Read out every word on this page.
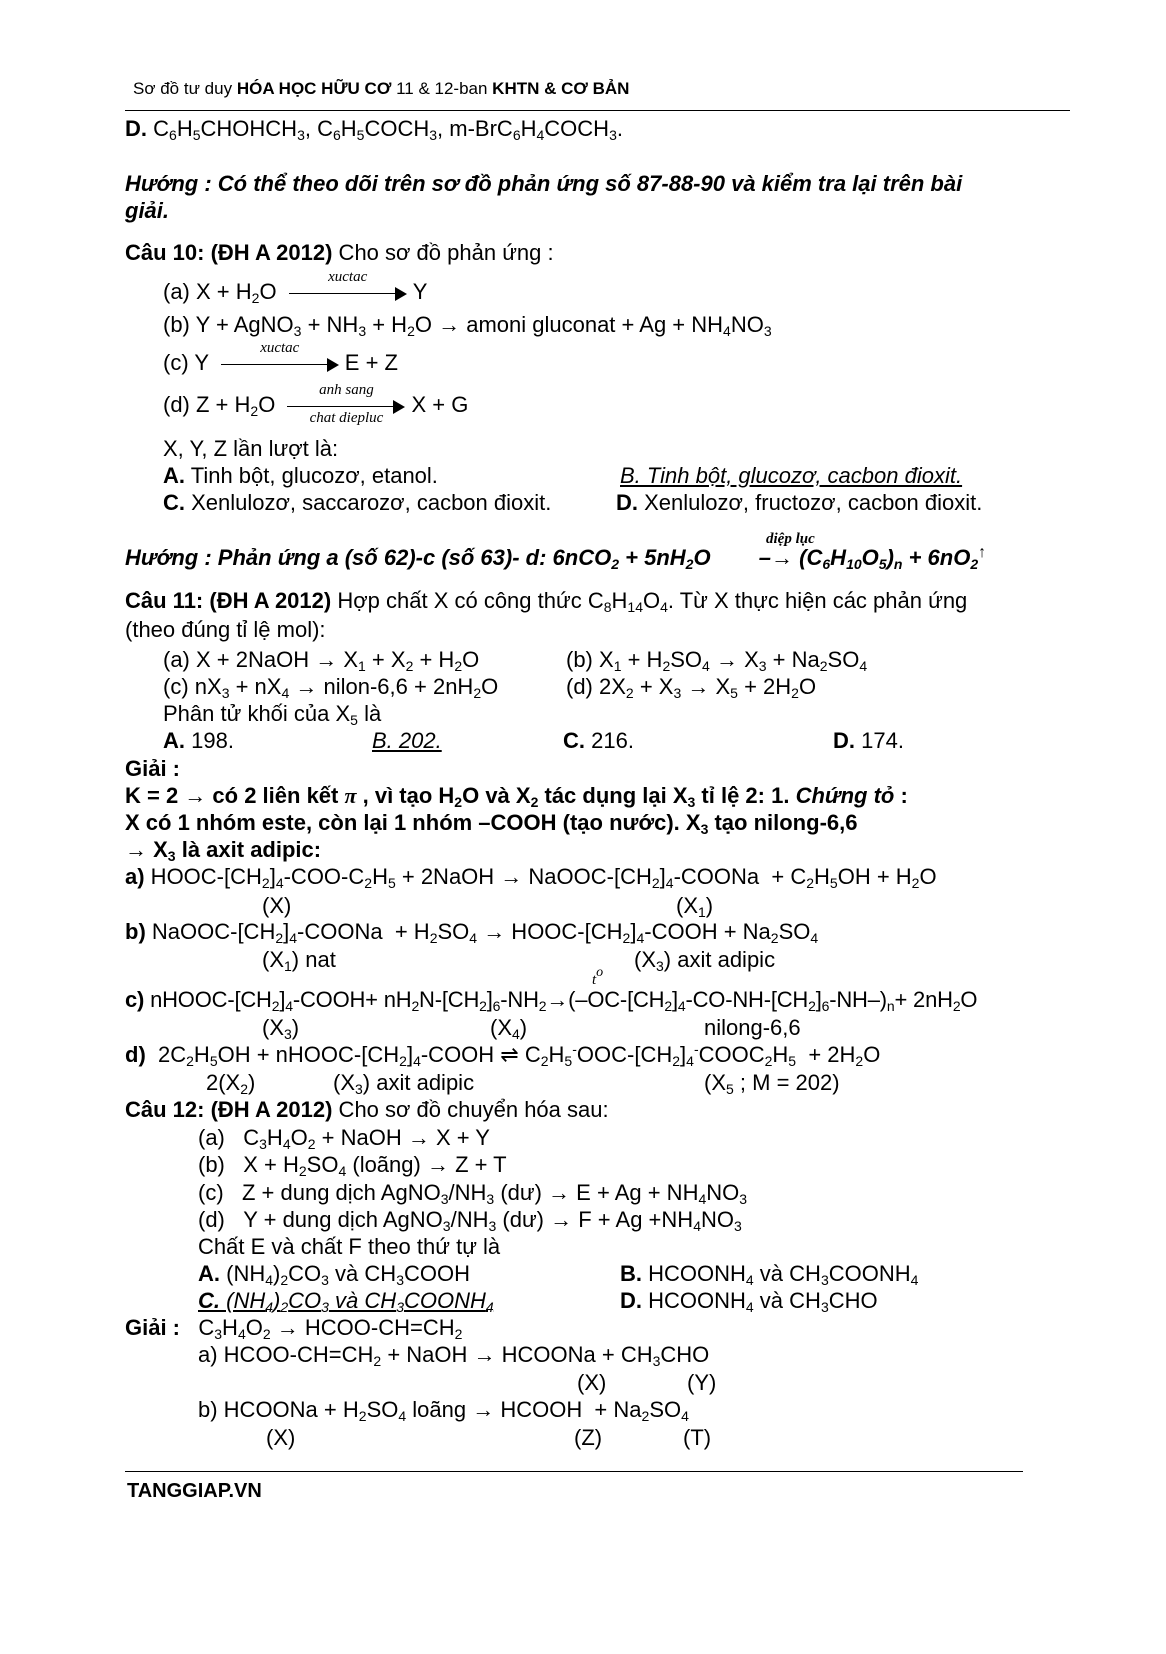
Sơ đồ tư duy HÓA HỌC HỮU CƠ 11 & 12-ban KHTN & CƠ BẢN
D. $C_6H_5CHOHCH_3$, $C_6H_5COCH_3$, $m-BrC_6H_4COCH_3$.
Hướng : Có thể theo dõi trên sơ đồ phản ứng số 87-88-90 và kiểm tra lại trên bài
giải.
Câu 10: (ĐH A 2012) Cho sơ đồ phản ứng :
(a) $X + H_2O$
xuctac
Y
(b) Y + AgNO$_3$ + $NH_3 + H_2O$ → amoni gluconat + $Ag + NH_4NO_3$
(c) Y
xuctac
E + Z
(d) $Z + H_2O$
anh sang
chat diepluc
X + G
X, Y, Z lần lượt là:
A. Tinh bột, glucozơ, etanol.	B. Tinh bột, glucozơ, cacbon đioxit.
C. Xenlulozơ, saccarozơ, cacbon đioxit.	D. Xenlulozơ, fructozơ, cacbon đioxit.
Hướng : Phản ứng a (số 62)-c (số 63)- d: $6nCO_2 + 5nH_2O -\to (C_6H_{10}O_5)_n + 6nO_2^↑$
diệp lục
Câu 11: (ĐH A 2012) Hợp chất X có công thức $C_8H_{14}O_4$. Từ X thực hiện các phản ứng
(theo đúng tỉ lệ mol):
(a) X + 2NaOH → $X_1 + X_2 + H_2O$	(b) $X_1 + H_2SO_4 \to X_3 + Na_2SO_4$
(c) $nX_3 + nX_4$ → nilon-6,6 + $2nH_2O$	(d) $2X_2 + X_3 \to X_5 + 2H_2O$
Phân tử khối của $X_5$ là
A. 198.	B. 202.	C. 216.	D. 174.
Giải :
K = 2 → có 2 liên kết π , vì tạo $H_2O$ và $X_2$ tác dụng lại $X_3$ tỉ lệ 2: 1. Chứng tỏ :
X có 1 nhóm este, còn lại 1 nhóm –COOH (tạo nước). $X_3$ tạo nilong-6,6
→ $X_3$ là axit adipic:
a) HOOC-$[CH_2]_4-COO-C_2H_5$ + 2NaOH → NaOOC-$[CH_2]_4$-COONa  + $C_2H_5OH + H_2O$
(X)	$(X_1)$
b) NaOOC-$[CH_2]_4$-COONa  + $H_2SO_4$ → HOOC-$[CH_2]_4$-COOH + $Na_2SO_4$
$(X_1)$ nat	$(X_3)$ axit adipic
$t^o$
c) nHOOC-$[CH_2]_4-COOH+ nH_2N-[CH_2]_6-NH_2\to(-OC-[CH_2]_4-CO-NH-[CH_2]_6-NH-)_n+ 2nH_2O$
$(X_3)$	$(X_4)$	nilong-6,6
d)  $2C_2H_5OH$ + nHOOC-$[CH_2]_4$-COOH ⇌ $C_2H_5^-OOC-[CH_2]_4^-COOC_2H_5 + 2H_2O$
$2(X_2)$	$(X_3)$ axit adipic	($X_5$ ; M = 202)
Câu 12: (ĐH A 2012) Cho sơ đồ chuyển hóa sau:
(a)   $C_3H_4O_2$ + NaOH → X + Y
(b)   $X + H_2SO_4$ (loãng) → Z + T
(c)   Z + dung dịch $AgNO_3/NH_3$ (dư) → $E + Ag + NH_4NO_3$
(d)   Y + dung dịch $AgNO_3/NH_3$ (dư) → $F + Ag +NH_4NO_3$
Chất E và chất F theo thứ tự là
A. $(NH_4)_2CO_3$ và $CH_3COOH$	B. $HCOONH_4$ và $CH_3COONH_4$
C. $(NH_4)_2CO_3$ và $CH_3COONH_4$	D. $HCOONH_4$ và $CH_3CHO$
Giải :   $C_3H_4O_2$ → HCOO-$CH=CH_2$
a) HCOO-$CH=CH_2$ + NaOH → HCOONa + $CH_3CHO$
(X)	(Y)
b) HCOONa + $H_2SO_4$ loãng → HCOOH  + $Na_2SO_4$
(X)	(Z)	(T)
TANGGIAP.VN
